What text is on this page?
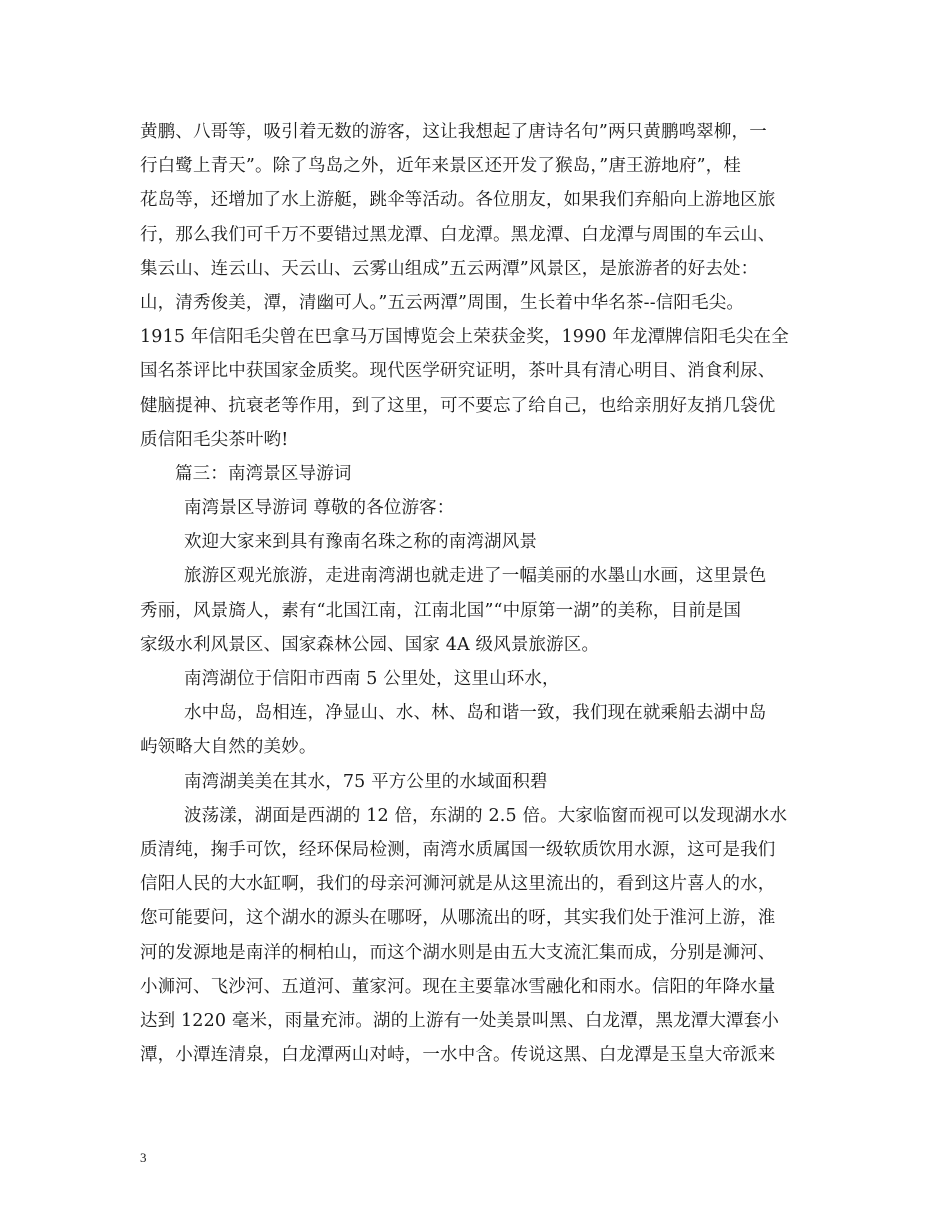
黄鹏、八哥等，吸引着无数的游客，这让我想起了唐诗名句”两只黄鹏鸣翠柳，一
行白鹭上青天”。除了鸟岛之外，近年来景区还开发了猴岛，”唐王游地府”，桂
花岛等，还增加了水上游艇，跳伞等活动。各位朋友，如果我们弃船向上游地区旅
行，那么我们可千万不要错过黑龙潭、白龙潭。黑龙潭、白龙潭与周围的车云山、
集云山、连云山、天云山、云雾山组成”五云两潭”风景区，是旅游者的好去处：
山，清秀俊美，潭，清幽可人。”五云两潭”周围，生长着中华名茶--信阳毛尖。
1915 年信阳毛尖曾在巴拿马万国博览会上荣获金奖，1990 年龙潭牌信阳毛尖在全
国名茶评比中获国家金质奖。现代医学研究证明，茶叶具有清心明目、消食利尿、
健脑提神、抗衰老等作用，到了这里，可不要忘了给自己，也给亲朋好友捎几袋优
质信阳毛尖茶叶哟!
篇三：南湾景区导游词
南湾景区导游词 尊敬的各位游客：
欢迎大家来到具有豫南名珠之称的南湾湖风景
旅游区观光旅游，走进南湾湖也就走进了一幅美丽的水墨山水画，这里景色
秀丽，风景旖人，素有“北国江南，江南北国”“中原第一湖”的美称，目前是国
家级水利风景区、国家森林公园、国家 4A 级风景旅游区。
南湾湖位于信阳市西南 5 公里处，这里山环水，
水中岛，岛相连，净显山、水、林、岛和谐一致，我们现在就乘船去湖中岛
屿领略大自然的美妙。
南湾湖美美在其水，75 平方公里的水域面积碧
波荡漾，湖面是西湖的 12 倍，东湖的 2.5 倍。大家临窗而视可以发现湖水水
质清纯，掬手可饮，经环保局检测，南湾水质属国一级软质饮用水源，这可是我们
信阳人民的大水缸啊，我们的母亲河浉河就是从这里流出的，看到这片喜人的水，
您可能要问，这个湖水的源头在哪呀，从哪流出的呀，其实我们处于淮河上游，淮
河的发源地是南洋的桐柏山，而这个湖水则是由五大支流汇集而成，分别是浉河、
小浉河、飞沙河、五道河、董家河。现在主要靠冰雪融化和雨水。信阳的年降水量
达到 1220 毫米，雨量充沛。湖的上游有一处美景叫黑、白龙潭，黑龙潭大潭套小
潭，小潭连清泉，白龙潭两山对峙，一水中含。传说这黑、白龙潭是玉皇大帝派来
3
